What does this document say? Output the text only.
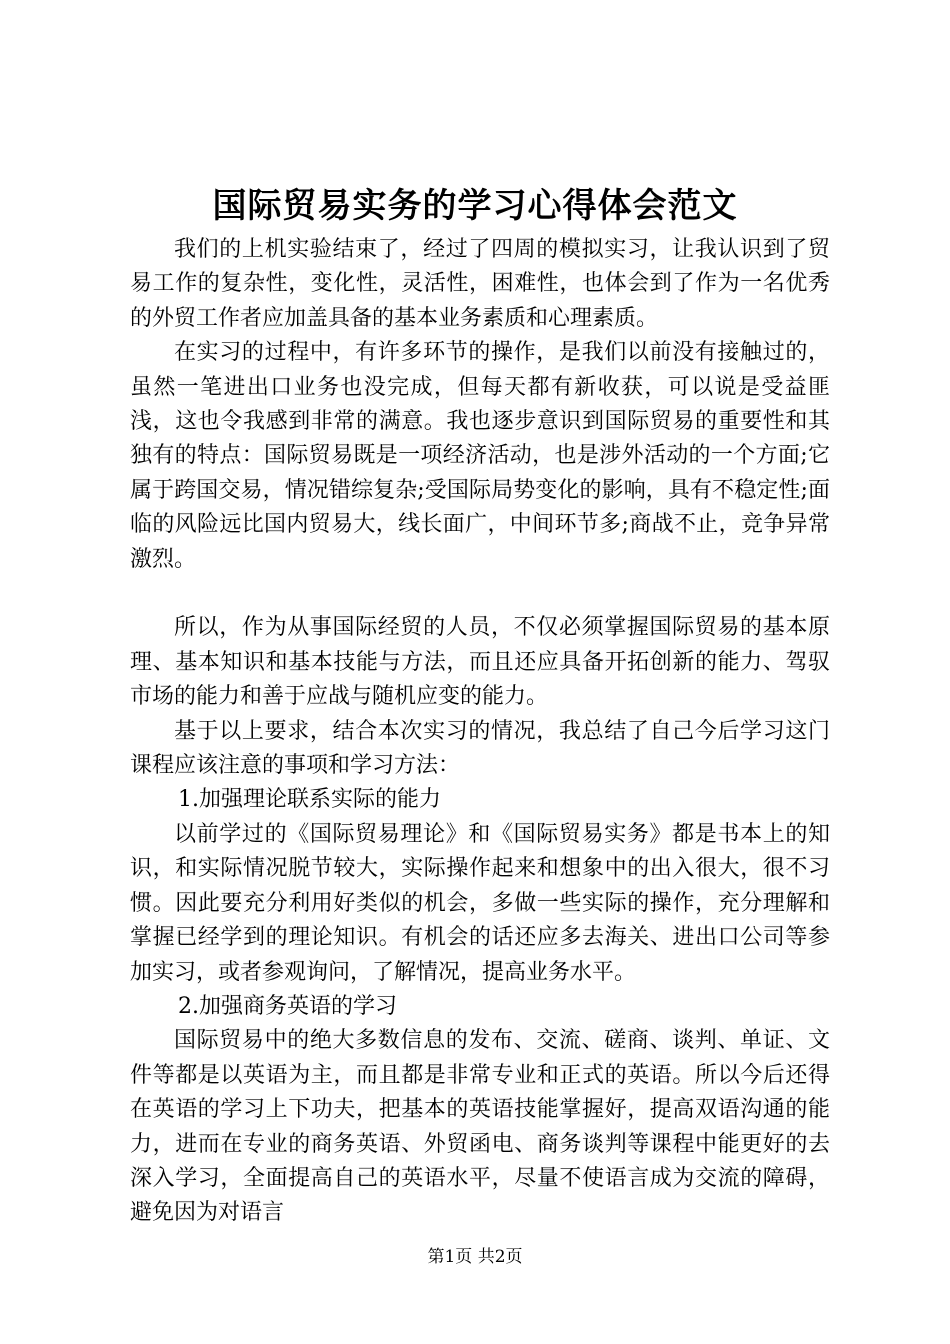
国际贸易实务的学习心得体会范文

我们的上机实验结束了，经过了四周的模拟实习，让我认识到了贸易工作的复杂性，变化性，灵活性，困难性，也体会到了作为一名优秀的外贸工作者应加盖具备的基本业务素质和心理素质。

在实习的过程中，有许多环节的操作，是我们以前没有接触过的，虽然一笔进出口业务也没完成，但每天都有新收获，可以说是受益匪浅，这也令我感到非常的满意。我也逐步意识到国际贸易的重要性和其独有的特点：国际贸易既是一项经济活动，也是涉外活动的一个方面;它属于跨国交易，情况错综复杂;受国际局势变化的影响，具有不稳定性;面临的风险远比国内贸易大，线长面广，中间环节多;商战不止，竞争异常激烈。

所以，作为从事国际经贸的人员，不仅必须掌握国际贸易的基本原理、基本知识和基本技能与方法，而且还应具备开拓创新的能力、驾驭市场的能力和善于应战与随机应变的能力。

基于以上要求，结合本次实习的情况，我总结了自己今后学习这门课程应该注意的事项和学习方法：

1.加强理论联系实际的能力

以前学过的《国际贸易理论》和《国际贸易实务》都是书本上的知识，和实际情况脱节较大，实际操作起来和想象中的出入很大，很不习惯。因此要充分利用好类似的机会，多做一些实际的操作，充分理解和掌握已经学到的理论知识。有机会的话还应多去海关、进出口公司等参加实习，或者参观询问，了解情况，提高业务水平。

2.加强商务英语的学习

国际贸易中的绝大多数信息的发布、交流、磋商、谈判、单证、文件等都是以英语为主，而且都是非常专业和正式的英语。所以今后还得在英语的学习上下功夫，把基本的英语技能掌握好，提高双语沟通的能力，进而在专业的商务英语、外贸函电、商务谈判等课程中能更好的去深入学习，全面提高自己的英语水平，尽量不使语言成为交流的障碍，避免因为对语言

第1页 共2页
